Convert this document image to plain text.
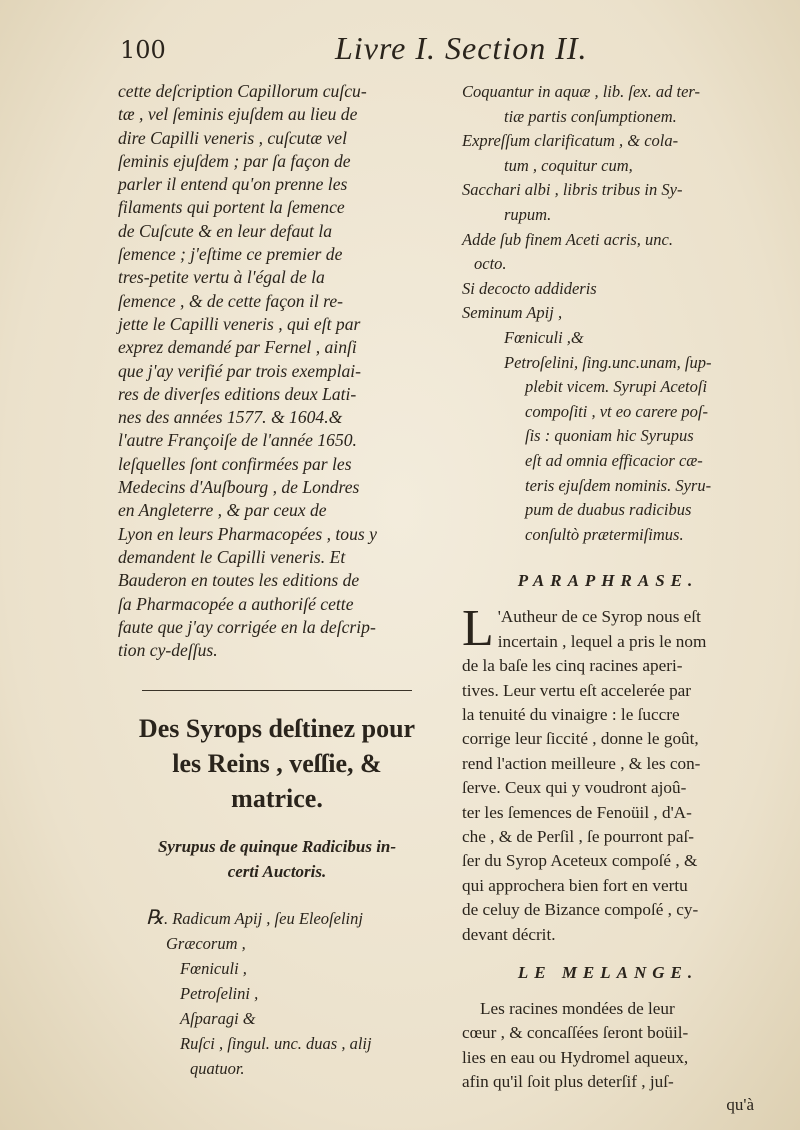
100	Livre I. Section II.
cette deſcription Capillorum cuſcu-
tæ , vel ſeminis ejuſdem au lieu de
dire Capilli veneris , cuſcutæ vel
ſeminis ejuſdem ; par ſa façon de
parler il entend qu'on prenne les
filaments qui portent la ſemence
de Cuſcute & en leur defaut la
ſemence ; j'eſtime ce premier de
tres-petite vertu à l'égal de la
ſemence , & de cette façon il re-
jette le Capilli veneris , qui eſt par
exprez demandé par Fernel , ainſi
que j'ay verifié par trois exemplai-
res de diverſes editions deux Lati-
nes des années 1577. & 1604.&
l'autre Françoiſe de l'année 1650.
leſquelles ſont confirmées par les
Medecins d'Auſbourg , de Londres
en Angleterre , & par ceux de
Lyon en leurs Pharmacopées , tous y
demandent le Capilli veneris. Et
Bauderon en toutes les editions de
ſa Pharmacopée a authoriſé cette
faute que j'ay corrigée en la deſcrip-
tion cy-deſſus.
Des Syrops deſtinez pour
les Reins , veſſie, &
matrice.
Syrupus de quinque Radicibus in-
certi Auctoris.
℞. Radicum Apij , ſeu Eleoſelinj
Græcorum ,
Fœniculi ,
Petroſelini ,
Aſparagi &
Ruſci , ſingul. unc. duas , alij
quatuor.

Coquantur in aquæ , lib. ſex. ad ter-

tiæ partis conſumptionem.

Expreſſum clarificatum , & cola-

tum , coquitur cum,

Sacchari albi , libris tribus in Sy-

rupum.

Adde ſub finem Aceti acris, unc.

octo.

Si decocto addideris

Seminum Apij ,

Fœniculi ,&

Petroſelini, ſing.unc.unam, ſup-

plebit vicem. Syrupi Acetoſi

compoſiti , vt eo carere poſ-

ſis : quoniam hic Syrupus

eſt ad omnia efficacior cæ-

teris ejuſdem nominis. Syru-

pum de duabus radicibus

conſultò prætermiſimus.

PARAPHRASE.
L 'Autheur de ce Syrop nous eſt
incertain , lequel a pris le nom
de la baſe les cinq racines aperi-
tives. Leur vertu eſt accelerée par
la tenuité du vinaigre : le ſuccre
corrige leur ſiccité , donne le goût,
rend l'action meilleure , & les con-
ſerve. Ceux qui y voudront ajoû-
ter les ſemences de Fenoüil , d'A-
che , & de Perſil , ſe pourront paſ-
ſer du Syrop Aceteux compoſé , &
qui approchera bien fort en vertu
de celuy de Bizance compoſé , cy-
devant décrit.
LE MELANGE.
Les racines mondées de leur
cœur , & concaſſées ſeront boüil-
lies en eau ou Hydromel aqueux,
afin qu'il ſoit plus deterſif , juſ-

qu'à
